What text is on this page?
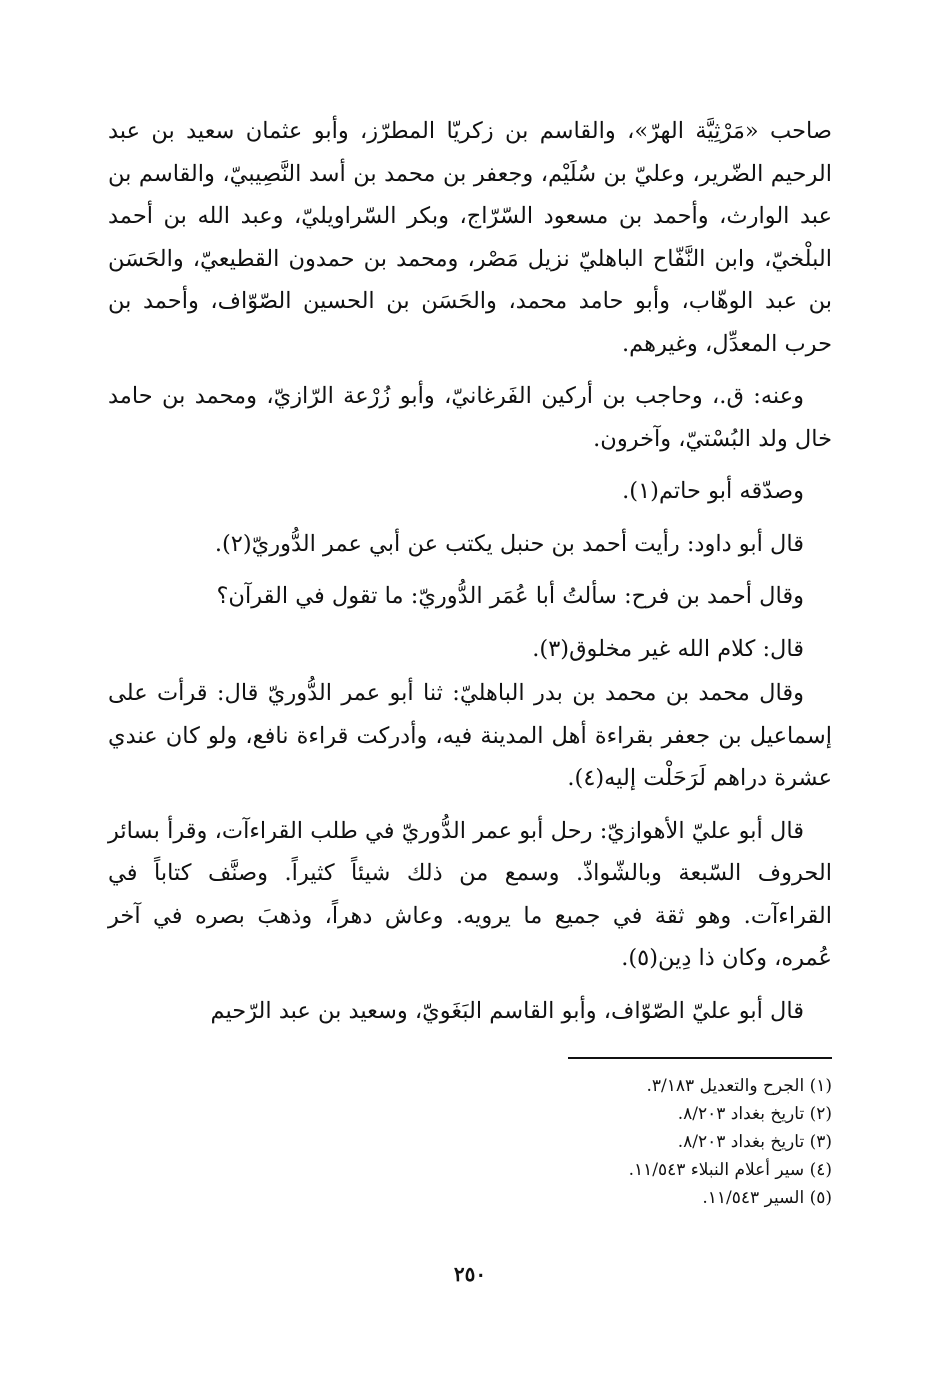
صاحب «مَرْثِيَّة الهرّ»، والقاسم بن زكريّا المطرّز، وأبو عثمان سعيد بن عبد الرحيم الضّرير، وعليّ بن سُلَيْم، وجعفر بن محمد بن أسد النَّصِيبيّ، والقاسم بن عبد الوارث، وأحمد بن مسعود السّرّاج، وبكر السّراويليّ، وعبد الله بن أحمد البلْخيّ، وابن النَّفّاح الباهليّ نزيل مَصْر، ومحمد بن حمدون القطيعيّ، والحَسَن بن عبد الوهّاب، وأبو حامد محمد، والحَسَن بن الحسين الصّوّاف، وأحمد بن حرب المعدِّل، وغيرهم.

وعنه: ق.، وحاجب بن أركين الفَرغانيّ، وأبو زُرْعة الرّازيّ، ومحمد بن حامد خال ولد البُسْتيّ، وآخرون.

وصدّقه أبو حاتم(١).

قال أبو داود: رأيت أحمد بن حنبل يكتب عن أبي عمر الدُّوريّ(٢).

وقال أحمد بن فرح: سألتُ أبا عُمَر الدُّوريّ: ما تقول في القرآن؟

قال: كلام الله غير مخلوق(٣).

وقال محمد بن محمد بن بدر الباهليّ: ثنا أبو عمر الدُّوريّ قال: قرأت على إسماعيل بن جعفر بقراءة أهل المدينة فيه، وأدركت قراءة نافع، ولو كان عندي عشرة دراهم لَرَحَلْت إليه(٤).

قال أبو عليّ الأهوازيّ: رحل أبو عمر الدُّوريّ في طلب القراءآت، وقرأ بسائر الحروف السّبعة وبالشّواذّ. وسمع من ذلك شيئاً كثيراً. وصنَّف كتاباً في القراءآت. وهو ثقة في جميع ما يرويه. وعاش دهراً، وذهبَ بصره في آخر عُمره، وكان ذا دِين(٥).

قال أبو عليّ الصّوّاف، وأبو القاسم البَغَويّ، وسعيد بن عبد الرّحيم

(١) الجرح والتعديل ٣/١٨٣.
(٢) تاريخ بغداد ٨/٢٠٣.
(٣) تاريخ بغداد ٨/٢٠٣.
(٤) سير أعلام النبلاء ١١/٥٤٣.
(٥) السير ١١/٥٤٣.
٢٥٠
